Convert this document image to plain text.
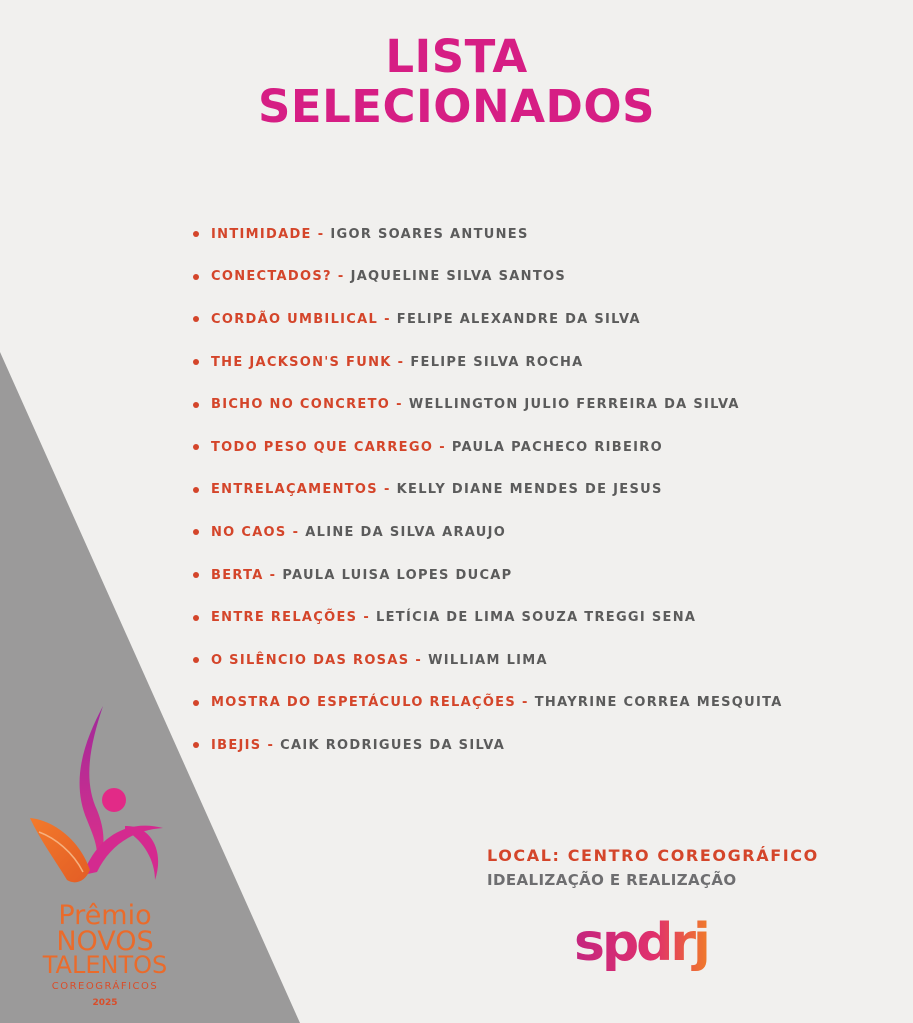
LISTA
SELECIONADOS
INTIMIDADE - IGOR SOARES ANTUNES
CONECTADOS? - JAQUELINE SILVA SANTOS
CORDÃO UMBILICAL - FELIPE ALEXANDRE DA SILVA
THE JACKSON'S FUNK - FELIPE SILVA ROCHA
BICHO NO CONCRETO - WELLINGTON JULIO FERREIRA DA SILVA
TODO PESO QUE CARREGO - PAULA PACHECO RIBEIRO
ENTRELAÇAMENTOS - KELLY DIANE MENDES DE JESUS
NO CAOS - ALINE DA SILVA ARAUJO
BERTA - PAULA LUISA LOPES DUCAP
ENTRE RELAÇÕES - LETÍCIA DE LIMA SOUZA TREGGI SENA
O SILÊNCIO DAS ROSAS - WILLIAM LIMA
MOSTRA DO ESPETÁCULO RELAÇÕES - THAYRINE CORREA MESQUITA
IBEJIS - CAIK RODRIGUES DA SILVA
LOCAL: CENTRO COREOGRÁFICO
IDEALIZAÇÃO E REALIZAÇÃO
spdrj
Prêmio
NOVOS
TALENTOS
COREOGRÁFICOS
2025
